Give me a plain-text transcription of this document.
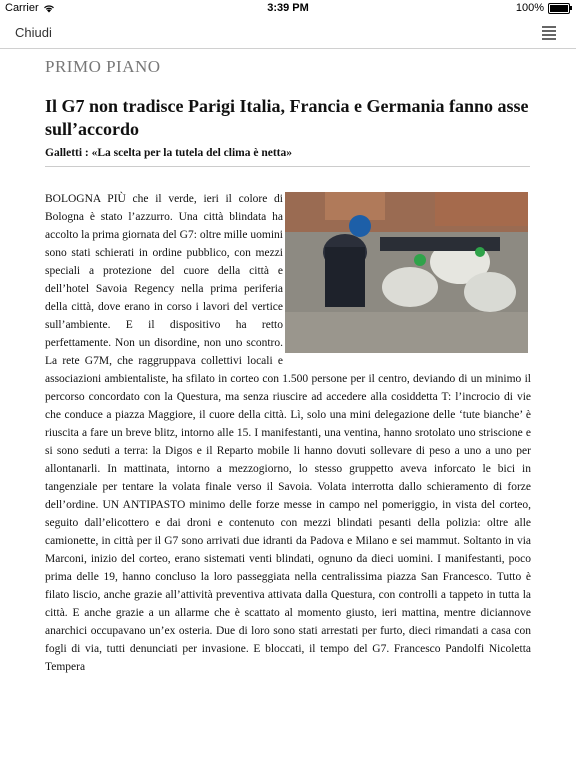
Carrier	3:39 PM	100%
Chiudi
PRIMO PIANO
Il G7 non tradisce Parigi Italia, Francia e Germania fanno asse sull’accordo
Galletti : «La scelta per la tutela del clima è netta»

BOLOGNA PIÙ che il verde, ieri il colore di Bologna è stato l’azzurro. Una città blindata ha accolto la prima giornata del G7: oltre mille uomini sono stati schierati in ordine pubblico, con mezzi speciali a protezione del cuore della città e dell’hotel Savoia Regency nella prima periferia della città, dove erano in corso i lavori del vertice sull’ambiente. E il dispositivo ha retto perfettamente. Non un disordine, non uno scontro. La rete G7M, che raggruppava collettivi locali e associazioni ambientaliste, ha sfilato in corteo con 1.500 persone per il centro, deviando di un minimo il percorso concordato con la Questura, ma senza riuscire ad accedere alla cosiddetta T: l’incrocio di vie che conduce a piazza Maggiore, il cuore della città. Lì, solo una mini delegazione delle ‘tute bianche’ è riuscita a fare un breve blitz, intorno alle 15. I manifestanti, una ventina, hanno srotolato uno striscione e si sono seduti a terra: la Digos e il Reparto mobile li hanno dovuti sollevare di peso a uno a uno per allontanarli. In mattinata, intorno a mezzogiorno, lo stesso gruppetto aveva inforcato le bici in tangenziale per tentare la volata finale verso il Savoia. Volata interrotta dallo schieramento di forze dell’ordine. UN ANTIPASTO minimo delle forze messe in campo nel pomeriggio, in vista del corteo, seguito dall’elicottero e dai droni e contenuto con mezzi blindati pesanti della polizia: oltre alle camionette, in città per il G7 sono arrivati due idranti da Padova e Milano e sei mammut. Soltanto in via Marconi, inizio del corteo, erano sistemati venti blindati, ognuno da dieci uomini. I manifestanti, poco prima delle 19, hanno concluso la loro passeggiata nella centralissima piazza San Francesco. Tutto è filato liscio, anche grazie all’attività preventiva attivata dalla Questura, con controlli a tappeto in tutta la città. E anche grazie a un allarme che è scattato al momento giusto, ieri mattina, mentre diciannove anarchici occupavano un’ex osteria. Due di loro sono stati arrestati per furto, dieci rimandati a casa con fogli di via, tutti denunciati per invasione. E bloccati, il tempo del G7. Francesco Pandolfi Nicoletta Tempera
